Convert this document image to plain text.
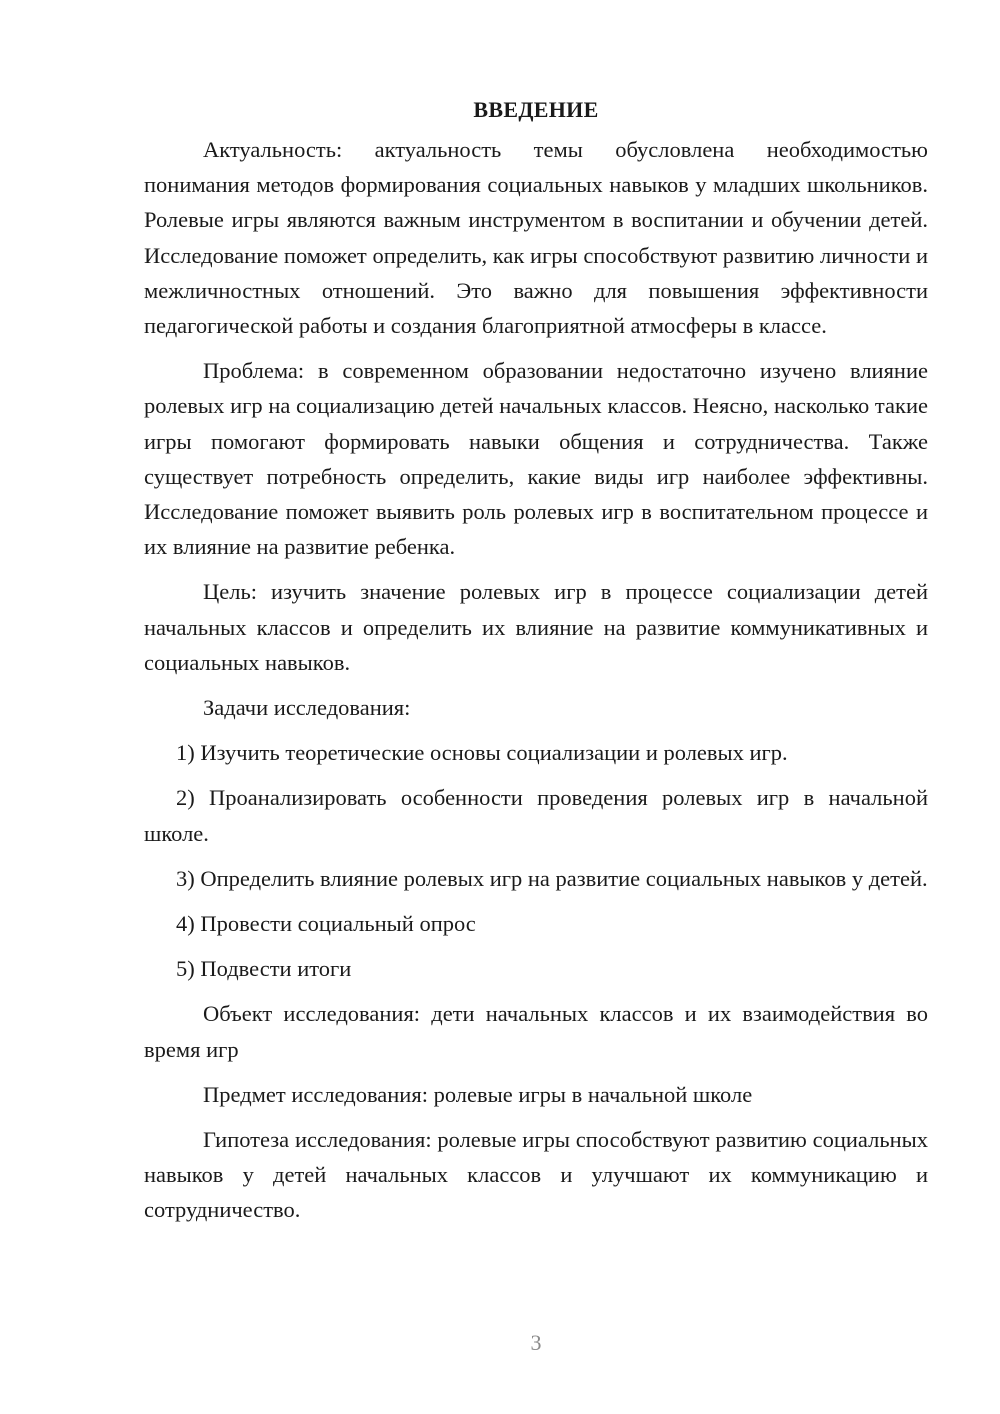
ВВЕДЕНИЕ

Актуальность: актуальность темы обусловлена необходимостью понимания методов формирования социальных навыков у младших школьников. Ролевые игры являются важным инструментом в воспитании и обучении детей. Исследование поможет определить, как игры способствуют развитию личности и межличностных отношений. Это важно для повышения эффективности педагогической работы и создания благоприятной атмосферы в классе.

Проблема: в современном образовании недостаточно изучено влияние ролевых игр на социализацию детей начальных классов. Неясно, насколько такие игры помогают формировать навыки общения и сотрудничества. Также существует потребность определить, какие виды игр наиболее эффективны. Исследование поможет выявить роль ролевых игр в воспитательном процессе и их влияние на развитие ребенка.

Цель: изучить значение ролевых игр в процессе социализации детей начальных классов и определить их влияние на развитие коммуникативных и социальных навыков.

Задачи исследования:

1) Изучить теоретические основы социализации и ролевых игр.

2) Проанализировать особенности проведения ролевых игр в начальной школе.

3) Определить влияние ролевых игр на развитие социальных навыков у детей.

4) Провести социальный опрос

5) Подвести итоги

Объект исследования: дети начальных классов и их взаимодействия во время игр

Предмет исследования: ролевые игры в начальной школе

Гипотеза исследования: ролевые игры способствуют развитию социальных навыков у детей начальных классов и улучшают их коммуникацию и сотрудничество.

3
